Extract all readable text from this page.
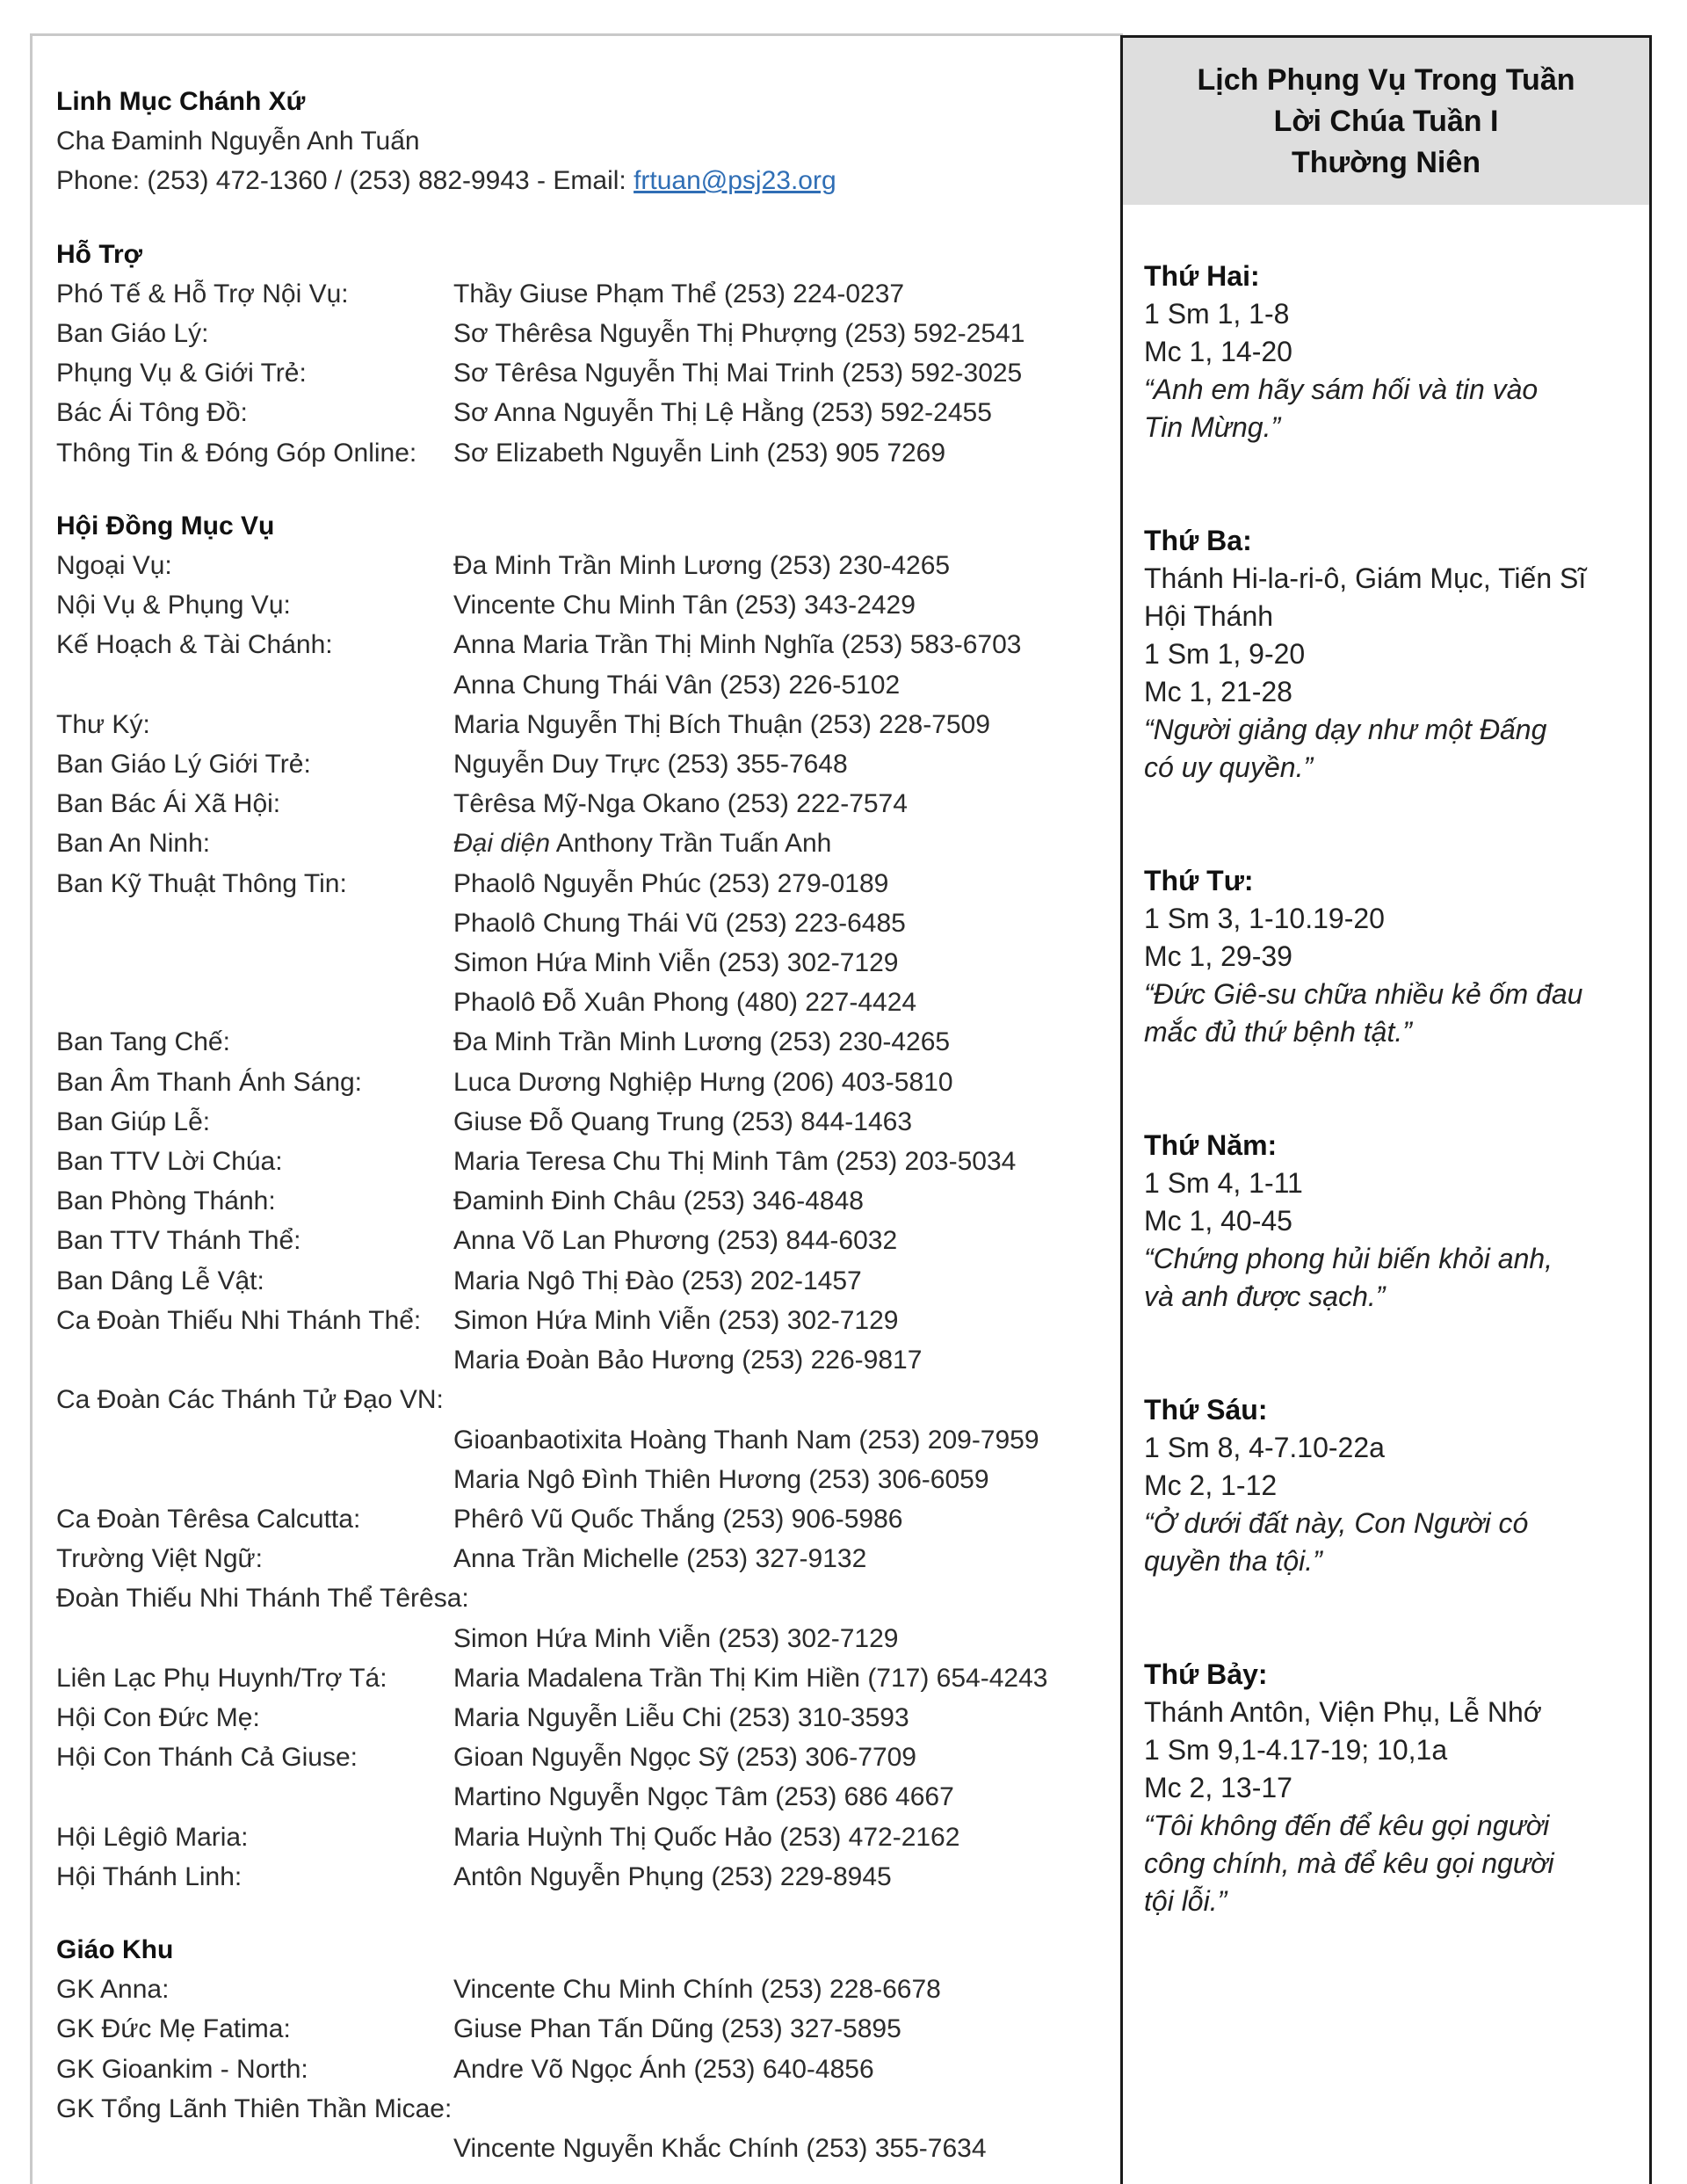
Linh Mục Chánh Xứ
Cha Đaminh Nguyễn Anh Tuấn
Phone: (253) 472-1360 / (253) 882-9943 - Email: frtuan@psj23.org
Hỗ Trợ
Phó Tế & Hỗ Trợ Nội Vụ:	Thầy Giuse Phạm Thể (253) 224-0237
Ban Giáo Lý:	Sơ Thêrêsa Nguyễn Thị Phượng (253) 592-2541
Phụng Vụ & Giới Trẻ:	Sơ Têrêsa Nguyễn Thị Mai Trinh (253) 592-3025
Bác Ái Tông Đồ:	Sơ Anna Nguyễn Thị Lệ Hằng (253) 592-2455
Thông Tin & Đóng Góp Online:	Sơ Elizabeth Nguyễn Linh (253) 905 7269
Hội Đồng Mục Vụ
Ngoại Vụ:	Đa Minh Trần Minh Lương (253) 230-4265
Nội Vụ & Phụng Vụ:	Vincente Chu Minh Tân (253) 343-2429
Kế Hoạch & Tài Chánh:	Anna Maria Trần Thị Minh Nghĩa (253) 583-6703
Anna Chung Thái Vân (253) 226-5102
Thư Ký:	Maria Nguyễn Thị Bích Thuận (253) 228-7509
Ban Giáo Lý Giới Trẻ:	Nguyễn Duy Trực (253) 355-7648
Ban Bác Ái Xã Hội:	Têrêsa Mỹ-Nga Okano (253) 222-7574
Ban An Ninh:	Đại diện Anthony Trần Tuấn Anh
Ban Kỹ Thuật Thông Tin:	Phaolô Nguyễn Phúc (253) 279-0189
Phaolô Chung Thái Vũ (253) 223-6485
Simon Hứa Minh Viễn (253) 302-7129
Phaolô Đỗ Xuân Phong (480) 227-4424
Ban Tang Chế:	Đa Minh Trần Minh Lương (253) 230-4265
Ban Âm Thanh Ánh Sáng:	Luca Dương Nghiệp Hưng (206) 403-5810
Ban Giúp Lễ:	Giuse Đỗ Quang Trung (253) 844-1463
Ban TTV Lời Chúa:	Maria Teresa Chu Thị Minh Tâm (253) 203-5034
Ban Phòng Thánh:	Đaminh Đinh Châu (253) 346-4848
Ban TTV Thánh Thể:	Anna Võ Lan Phương (253) 844-6032
Ban Dâng Lễ Vật:	Maria Ngô Thị Đào (253) 202-1457
Ca Đoàn Thiếu Nhi Thánh Thể:	Simon Hứa Minh Viễn (253) 302-7129
Maria Đoàn Bảo Hương (253) 226-9817
Ca Đoàn Các Thánh Tử Đạo VN:
Gioanbaotixita Hoàng Thanh Nam (253) 209-7959
Maria Ngô Đình Thiên Hương (253) 306-6059
Ca Đoàn Têrêsa Calcutta:	Phêrô Vũ Quốc Thắng (253) 906-5986
Trường Việt Ngữ:	Anna Trần Michelle (253) 327-9132
Đoàn Thiếu Nhi Thánh Thể Têrêsa:
Simon Hứa Minh Viễn (253) 302-7129
Liên Lạc Phụ Huynh/Trợ Tá:	Maria Madalena Trần Thị Kim Hiền (717) 654-4243
Hội Con Đức Mẹ:	Maria Nguyễn Liễu Chi (253) 310-3593
Hội Con Thánh Cả Giuse:	Gioan Nguyễn Ngọc Sỹ (253) 306-7709
Martino Nguyễn Ngọc Tâm (253) 686 4667
Hội Lêgiô Maria:	Maria Huỳnh Thị Quốc Hảo (253) 472-2162
Hội Thánh Linh:	Antôn Nguyễn Phụng (253) 229-8945
Giáo Khu
GK Anna:	Vincente Chu Minh Chính (253) 228-6678
GK Đức Mẹ Fatima:	Giuse Phan Tấn Dũng (253) 327-5895
GK Gioankim - North:	Andre Võ Ngọc Ánh (253) 640-4856
GK Tổng Lãnh Thiên Thần Micae:
Vincente Nguyễn Khắc Chính (253) 355-7634
Lịch Phụng Vụ Trong Tuần
Lời Chúa Tuần I
Thường Niên
Thứ Hai:
1 Sm 1, 1-8
Mc 1, 14-20
“Anh em hãy sám hối và tin vào
Tin Mừng.”
Thứ Ba:
Thánh Hi-la-ri-ô, Giám Mục, Tiến Sĩ
Hội Thánh
1 Sm 1, 9-20
Mc 1, 21-28
“Người giảng dạy như một Đấng
có uy quyền.”
Thứ Tư:
1 Sm 3, 1-10.19-20
Mc 1, 29-39
“Đức Giê-su chữa nhiều kẻ ốm đau
mắc đủ thứ bệnh tật.”
Thứ Năm:
1 Sm 4, 1-11
Mc 1, 40-45
“Chứng phong hủi biến khỏi anh,
và anh được sạch.”
Thứ Sáu:
1 Sm 8, 4-7.10-22a
Mc 2, 1-12
“Ở dưới đất này, Con Người có
quyền tha tội.”
Thứ Bảy:
Thánh Antôn, Viện Phụ, Lễ Nhớ
1 Sm 9,1-4.17-19; 10,1a
Mc 2, 13-17
“Tôi không đến để kêu gọi người
công chính, mà để kêu gọi người
tội lỗi.”
